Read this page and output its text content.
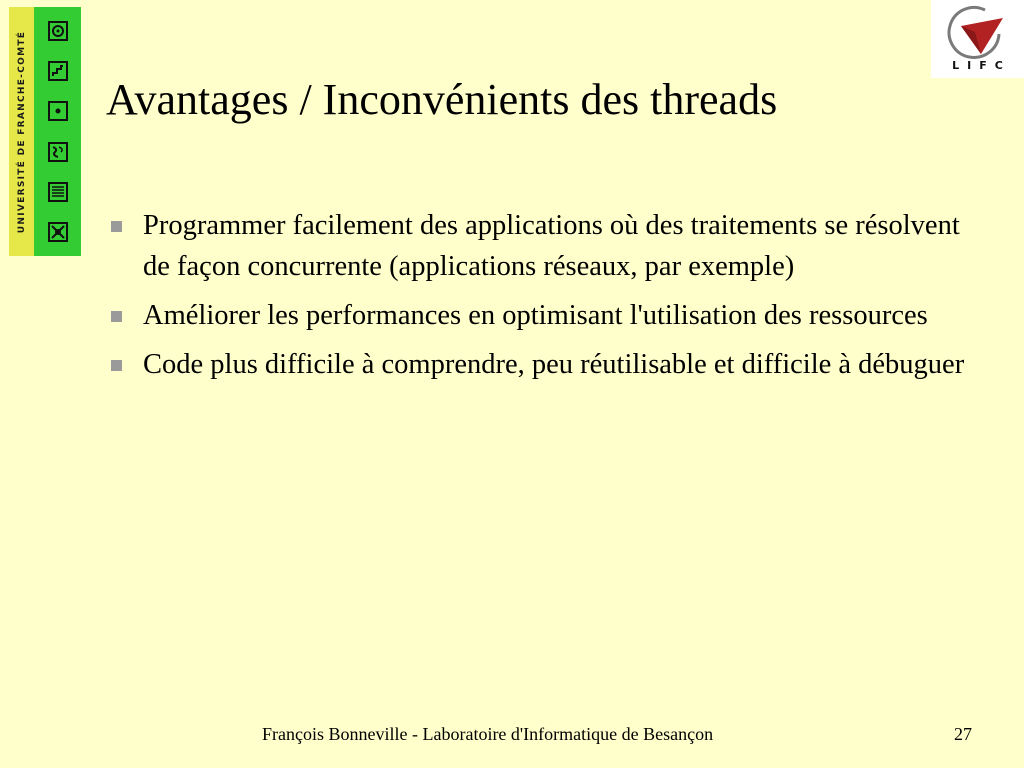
UNIVERSITÉ DE FRANCHE-COMTÉ	LIFC
Avantages / Inconvénients des threads
Programmer facilement des applications où des traitements se résolvent de façon concurrente (applications réseaux, par exemple)
Améliorer les performances en optimisant l'utilisation des ressources
Code plus difficile à comprendre, peu réutilisable et difficile à débuguer
François Bonneville - Laboratoire d'Informatique de Besançon	27
